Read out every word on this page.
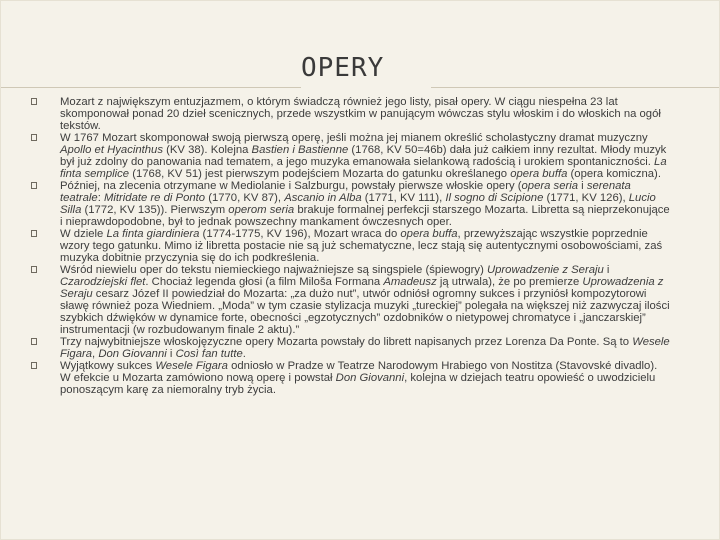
OPERY
Mozart z największym entuzjazmem, o którym świadczą również jego listy, pisał opery. W ciągu niespełna 23 lat skomponował ponad 20 dzieł scenicznych, przede wszystkim w panującym wówczas stylu włoskim i do włoskich na ogół tekstów.
W 1767 Mozart skomponował swoją pierwszą operę, jeśli można jej mianem określić scholastyczny dramat muzyczny Apollo et Hyacinthus (KV 38). Kolejna Bastien i Bastienne (1768, KV 50=46b) dała już całkiem inny rezultat. Młody muzyk był już zdolny do panowania nad tematem, a jego muzyka emanowała sielankową radością i urokiem spontaniczności. La finta semplice (1768, KV 51) jest pierwszym podejściem Mozarta do gatunku określanego opera buffa (opera komiczna).
Później, na zlecenia otrzymane w Mediolanie i Salzburgu, powstały pierwsze włoskie opery (opera seria i serenata teatrale: Mitridate re di Ponto (1770, KV 87), Ascanio in Alba (1771, KV 111), Il sogno di Scipione (1771, KV 126), Lucio Silla (1772, KV 135)). Pierwszym operom seria brakuje formalnej perfekcji starszego Mozarta. Libretta są nieprzekonujące i nieprawdopodobne, był to jednak powszechny mankament ówczesnych oper.
W dziele La finta giardiniera (1774-1775, KV 196), Mozart wraca do opera buffa, przewyższając wszystkie poprzednie wzory tego gatunku. Mimo iż libretta postacie nie są już schematyczne, lecz stają się autentycznymi osobowościami, zaś muzyka dobitnie przyczynia się do ich podkreślenia.
Wśród niewielu oper do tekstu niemieckiego najważniejsze są singspiele (śpiewogry) Uprowadzenie z Seraju i Czarodziejski flet. Chociaż legenda głosi (a film Miloša Formana Amadeusz ją utrwala), że po premierze Uprowadzenia z Seraju cesarz Józef II powiedział do Mozarta: „za dużo nut”, utwór odniósł ogromny sukces i przyniósł kompozytorowi sławę również poza Wiedniem. „Moda” w tym czasie stylizacja muzyki „tureckiej” polegała na większej niż zazwyczaj ilości szybkich dźwięków w dynamice forte, obecności „egzotycznych” ozdobników o nietypowej chromatyce i „janczarskiej” instrumentacji (w rozbudowanym finale 2 aktu).”
Trzy najwybitniejsze włoskojęzyczne opery Mozarta powstały do librett napisanych przez Lorenza Da Ponte. Są to Wesele Figara, Don Giovanni i Così fan tutte.
Wyjątkowy sukces Wesele Figara odniosło w Pradze w Teatrze Narodowym Hrabiego von Nostitza (Stavovské divadlo). W efekcie u Mozarta zamówiono nową operę i powstał Don Giovanni, kolejna w dziejach teatru opowieść o uwodzicielu ponoszącym karę za niemoralny tryb życia.
